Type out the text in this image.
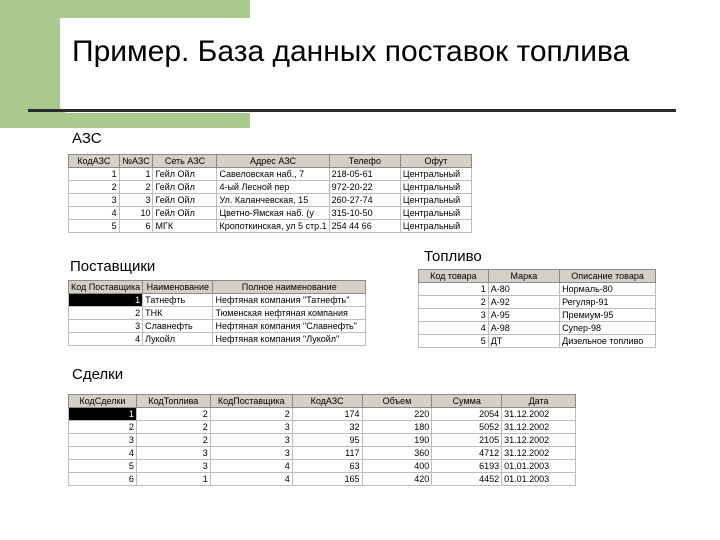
Пример. База данных поставок топлива
АЗС
КодАЗС	№АЗС	Сеть АЗС	Адрес АЗС	Телефо	Офут
1	1	Гейл Ойл	Савеловская наб., 7	218-05-61	Центральный
2	2	Гейл Ойл	4-ый Лесной пер	972-20-22	Центральный
3	3	Гейл Ойл	Ул. Каланчевская, 15	260-27-74	Центральный
4	10	Гейл Ойл	Цветно-Ямская наб. (у	315-10-50	Центральный
5	6	МГК	Кропоткинская, ул 5 стр.1	254 44 66	Центральный
Поставщики
Код Поставщика	Наименование	Полное наименование
1	Татнефть	Нефтяная компания "Татнефть"
2	ТНК	Тюменская нефтяная компания
3	Славнефть	Нефтяная компания "Славнефть"
4	Лукойл	Нефтяная компания "Лукойл"
Топливо
Код товара	Марка	Описание товара
1	А-80	Нормаль-80
2	А-92	Регуляр-91
3	А-95	Премиум-95
4	А-98	Супер-98
5	ДТ	Дизельное топливо
Сделки
КодСделки	КодТоплива	КодПоставщика	КодАЗС	Объем	Сумма	Дата
1	2	2	174	220	2054	31.12.2002
2	2	3	32	180	5052	31.12.2002
3	2	3	95	190	2105	31.12.2002
4	3	3	117	360	4712	31.12.2002
5	3	4	63	400	6193	01.01.2003
6	1	4	165	420	4452	01.01.2003
